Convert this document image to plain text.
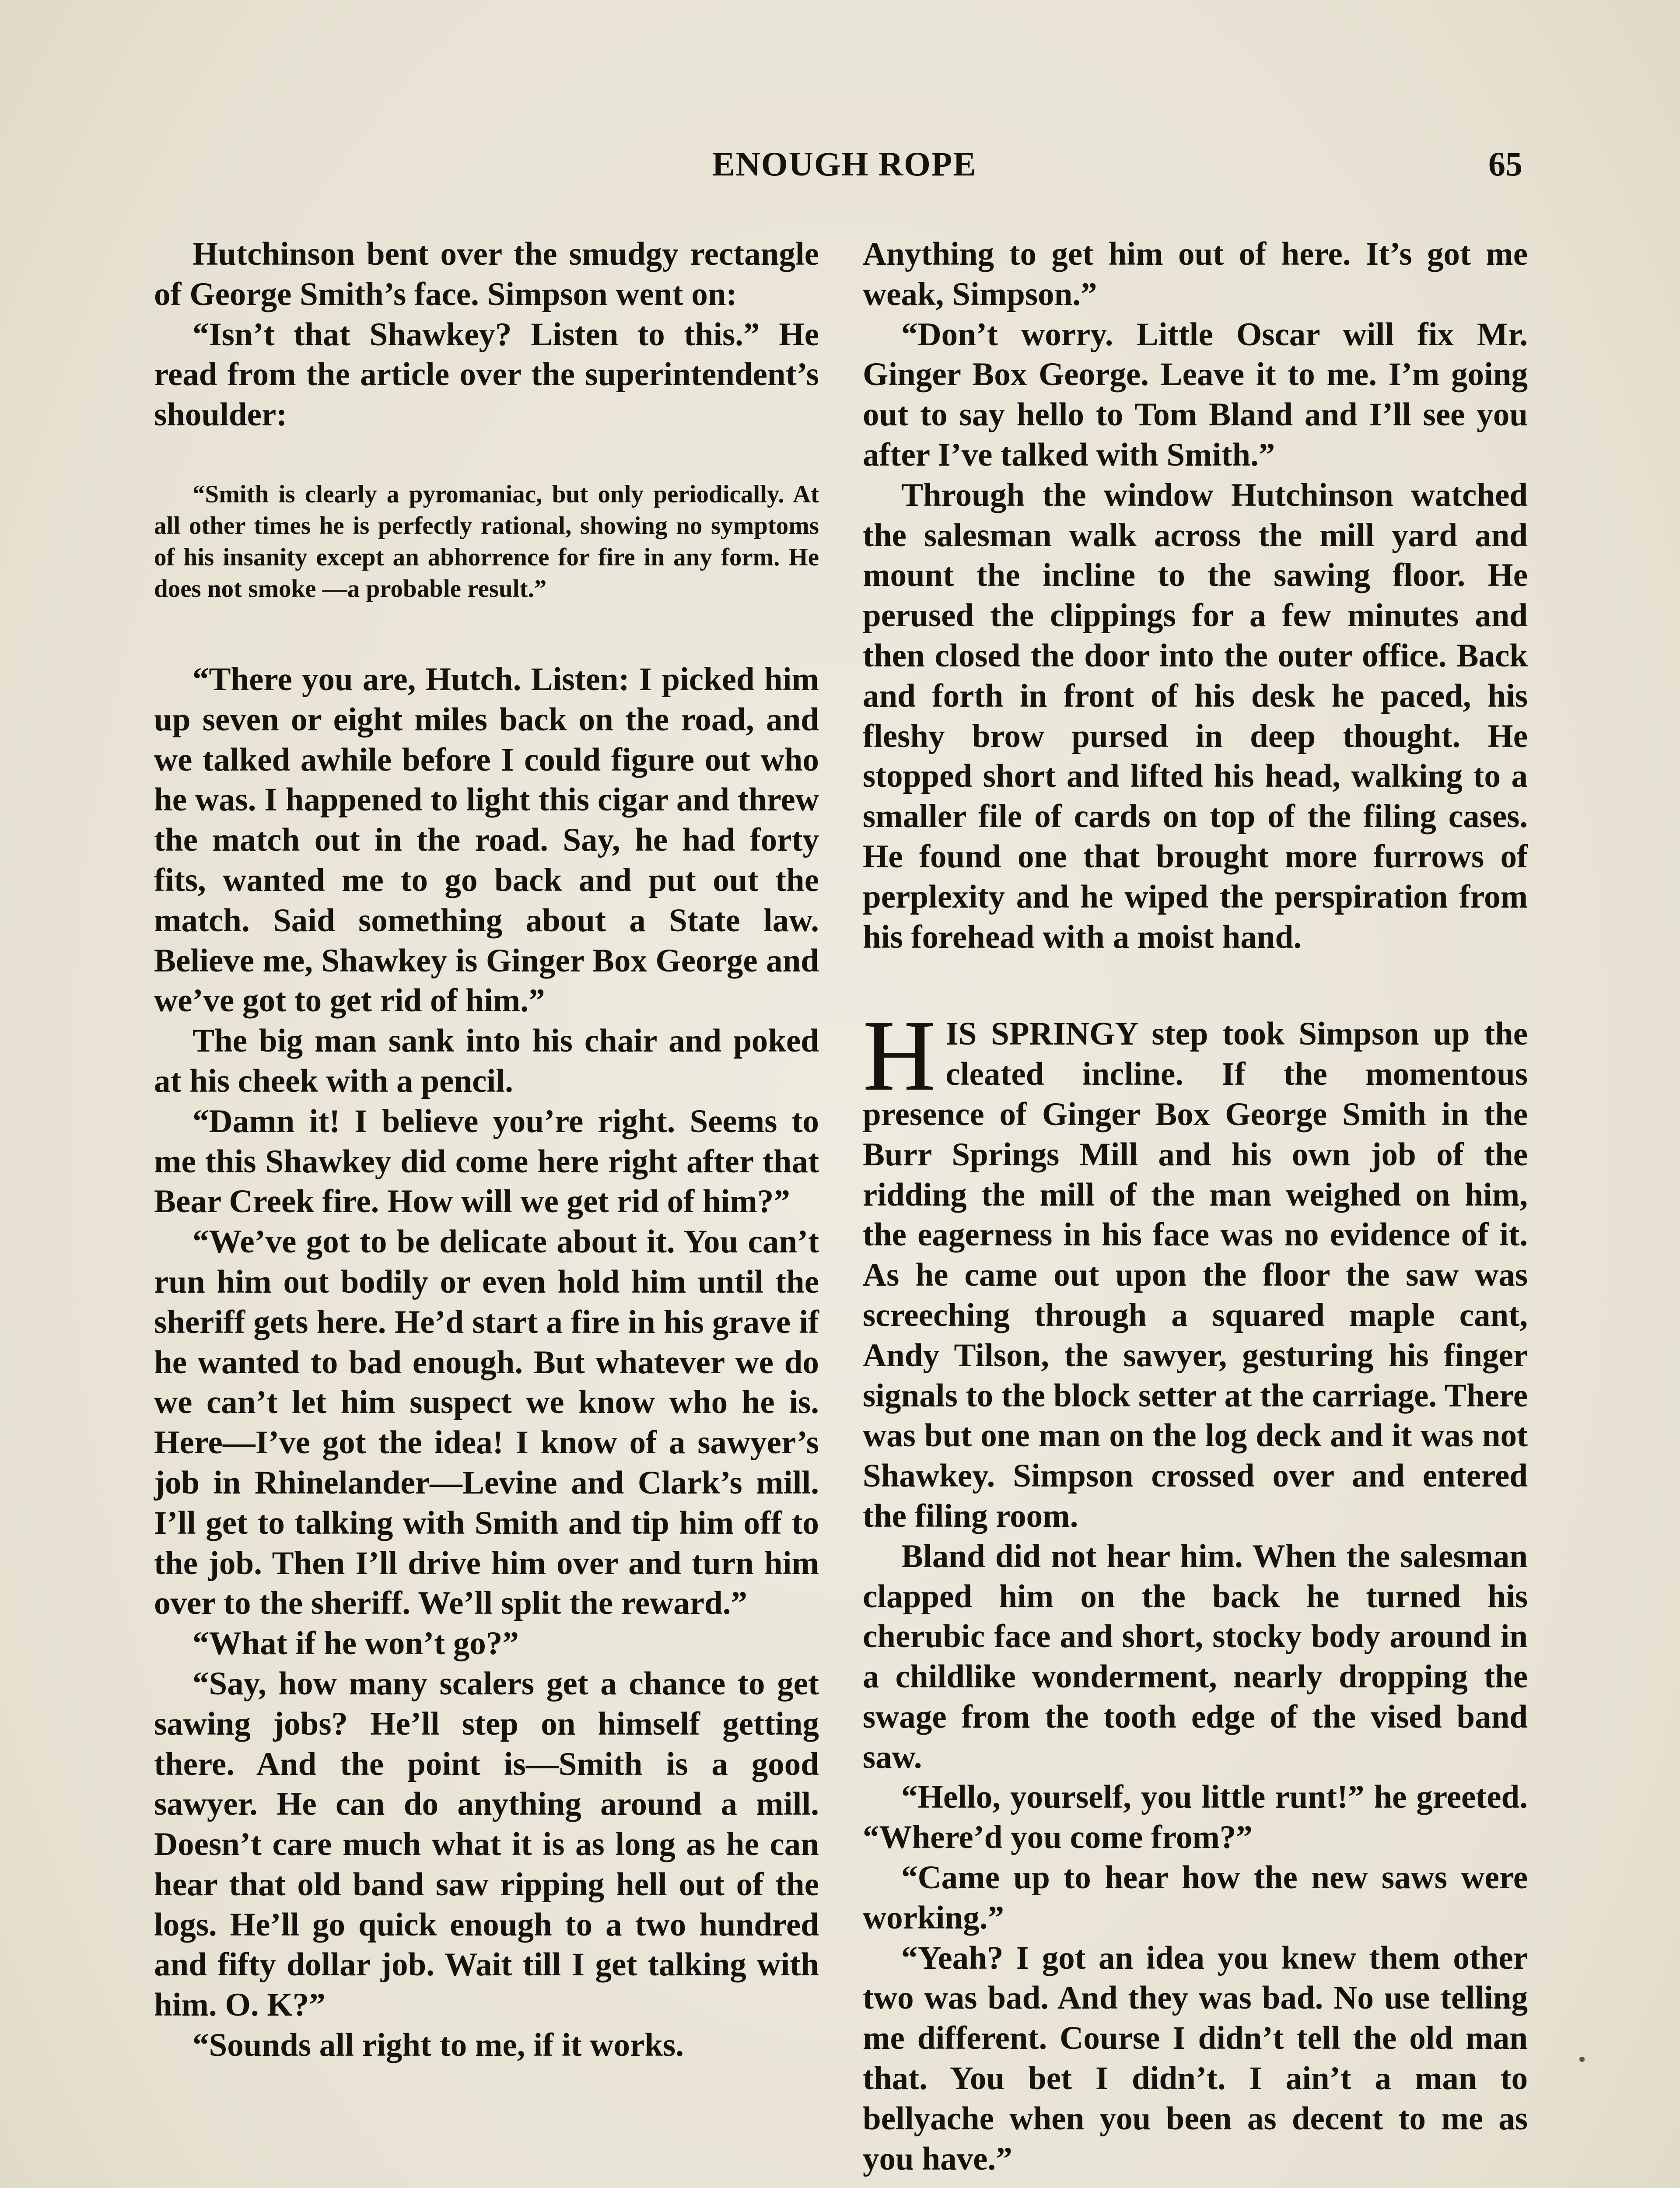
ENOUGH ROPE	65

Hutchinson bent over the smudgy rectangle of George Smith’s face. Simpson went on:

“Isn’t that Shawkey? Listen to this.” He read from the article over the superintendent’s shoulder:

“Smith is clearly a pyromaniac, but only periodically. At all other times he is perfectly rational, showing no symptoms of his insanity except an abhorrence for fire in any form. He does not smoke —a probable result.”

“There you are, Hutch. Listen: I picked him up seven or eight miles back on the road, and we talked awhile before I could figure out who he was. I happened to light this cigar and threw the match out in the road. Say, he had forty fits, wanted me to go back and put out the match. Said something about a State law. Believe me, Shawkey is Ginger Box George and we’ve got to get rid of him.”

The big man sank into his chair and poked at his cheek with a pencil.

“Damn it! I believe you’re right. Seems to me this Shawkey did come here right after that Bear Creek fire. How will we get rid of him?”

“We’ve got to be delicate about it. You can’t run him out bodily or even hold him until the sheriff gets here. He’d start a fire in his grave if he wanted to bad enough. But whatever we do we can’t let him suspect we know who he is. Here—I’ve got the idea! I know of a sawyer’s job in Rhinelander—Levine and Clark’s mill. I’ll get to talking with Smith and tip him off to the job. Then I’ll drive him over and turn him over to the sheriff. We’ll split the reward.”

“What if he won’t go?”

“Say, how many scalers get a chance to get sawing jobs? He’ll step on himself getting there. And the point is—Smith is a good sawyer. He can do anything around a mill. Doesn’t care much what it is as long as he can hear that old band saw ripping hell out of the logs. He’ll go quick enough to a two hundred and fifty dollar job. Wait till I get talking with him. O. K?”

“Sounds all right to me, if it works.

Anything to get him out of here. It’s got me weak, Simpson.”

“Don’t worry. Little Oscar will fix Mr. Ginger Box George. Leave it to me. I’m going out to say hello to Tom Bland and I’ll see you after I’ve talked with Smith.”

Through the window Hutchinson watched the salesman walk across the mill yard and mount the incline to the sawing floor. He perused the clippings for a few minutes and then closed the door into the outer office. Back and forth in front of his desk he paced, his fleshy brow pursed in deep thought. He stopped short and lifted his head, walking to a smaller file of cards on top of the filing cases. He found one that brought more furrows of perplexity and he wiped the perspiration from his forehead with a moist hand.

H IS SPRINGY step took Simpson up the cleated incline. If the momentous presence of Ginger Box George Smith in the Burr Springs Mill and his own job of the ridding the mill of the man weighed on him, the eagerness in his face was no evidence of it. As he came out upon the floor the saw was screeching through a squared maple cant, Andy Tilson, the sawyer, gesturing his finger signals to the block setter at the carriage. There was but one man on the log deck and it was not Shawkey. Simpson crossed over and entered the filing room.

Bland did not hear him. When the salesman clapped him on the back he turned his cherubic face and short, stocky body around in a childlike wonderment, nearly dropping the swage from the tooth edge of the vised band saw.

“Hello, yourself, you little runt!” he greeted. “Where’d you come from?”

“Came up to hear how the new saws were working.”

“Yeah? I got an idea you knew them other two was bad. And they was bad. No use telling me different. Course I didn’t tell the old man that. You bet I didn’t. I ain’t a man to bellyache when you been as decent to me as you have.”
